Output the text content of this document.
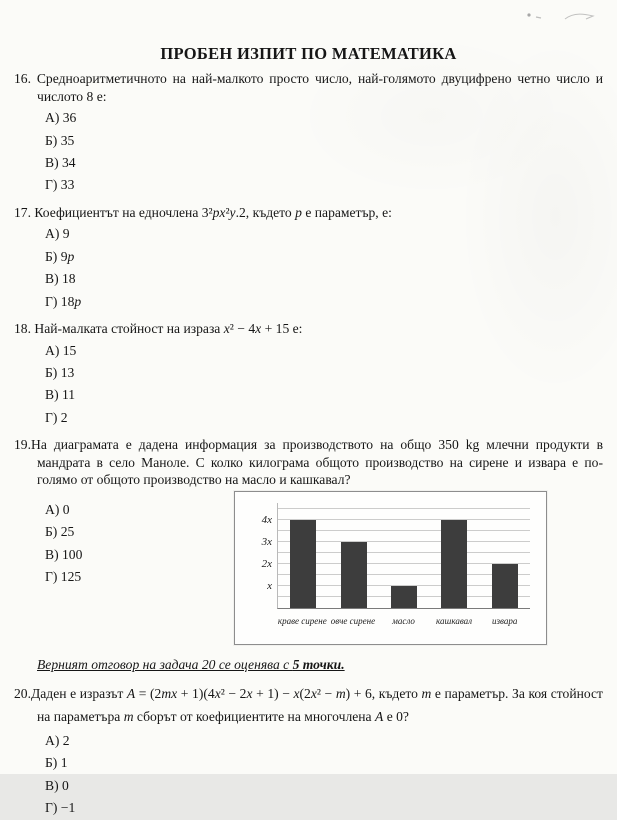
ПРОБЕН ИЗПИТ ПО МАТЕМАТИКА
16. Средноаритметичното на най-малкото просто число, най-голямото двуцифрено четно число и числото 8 е:
А) 36
Б) 35
В) 34
Г) 33
17. Коефициентът на едночлена 3²px²y.2, където p е параметър, е:
А) 9
Б) 9p
В) 18
Г) 18p
18. Най-малката стойност на израза x² − 4x + 15 е:
А) 15
Б) 13
В) 11
Г) 2
19.На диаграмата е дадена информация за производството на общо 350 kg млечни продукти в мандрата в село Маноле. С колко килограма общото производство на сирене и извара е по-голямо от общото производство на масло и кашкавал?
А) 0
Б) 25
В) 100
Г) 125
4x
3x
2x
x
краве сирене овче сирене	масло	кашкавал	извара
Верният отговор на задача 20 се оценява с 5 точки.
20.Даден е изразът A = (2mx + 1)(4x² − 2x + 1) − x(2x² − m) + 6, където m е параметър. За коя стойност на параметъра m сборът от коефициентите на многочлена A е 0?
А) 2
Б) 1
В) 0
Г) −1
